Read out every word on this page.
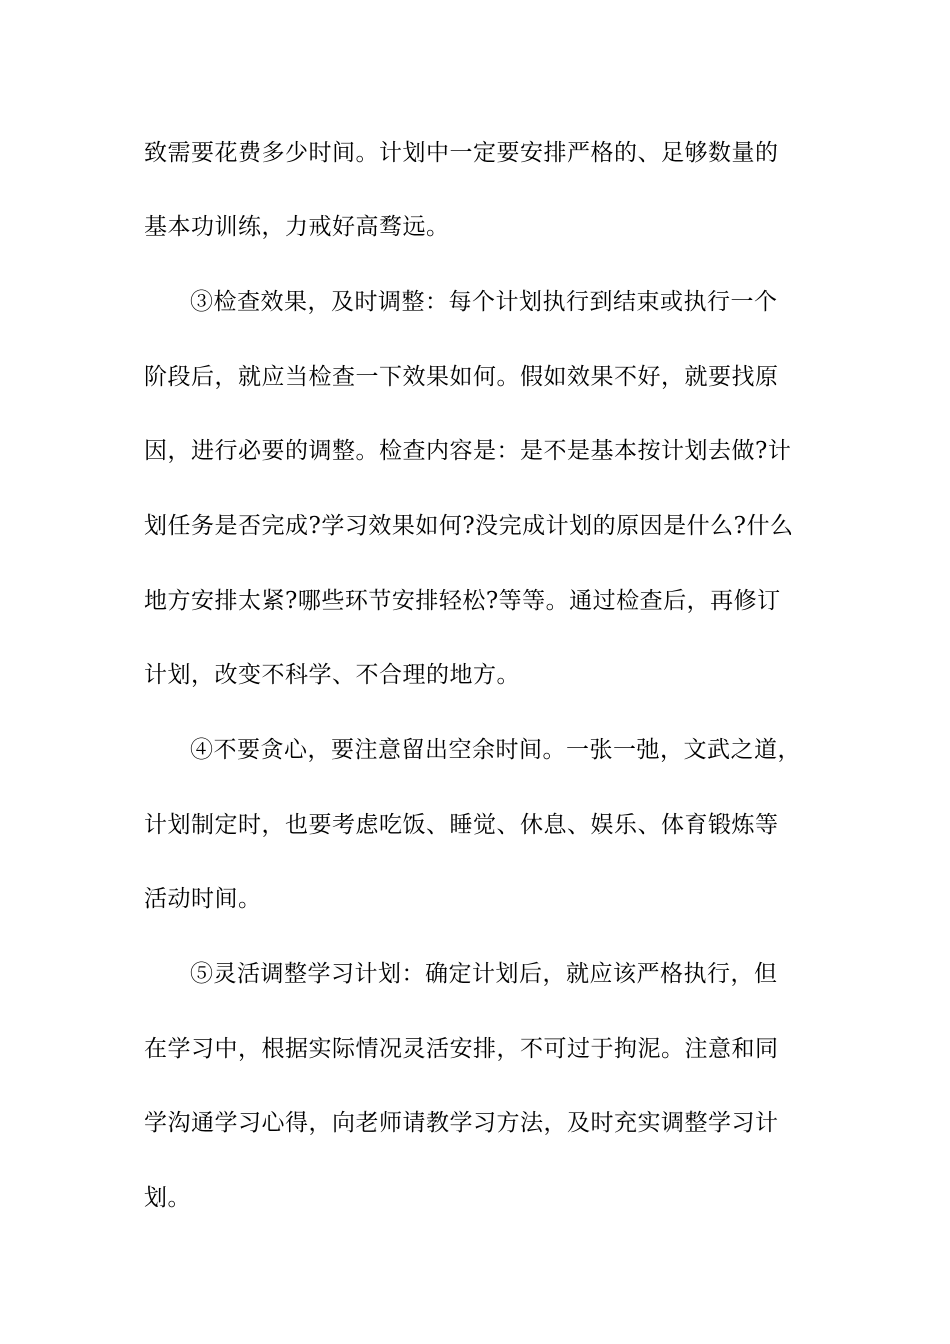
致需要花费多少时间。计划中一定要安排严格的、足够数量的
基本功训练，力戒好高骛远。
③检查效果，及时调整：每个计划执行到结束或执行一个
阶段后，就应当检查一下效果如何。假如效果不好，就要找原
因，进行必要的调整。检查内容是：是不是基本按计划去做?计
划任务是否完成?学习效果如何?没完成计划的原因是什么?什么
地方安排太紧?哪些环节安排轻松?等等。通过检查后，再修订
计划，改变不科学、不合理的地方。
④不要贪心，要注意留出空余时间。一张一弛，文武之道，
计划制定时，也要考虑吃饭、睡觉、休息、娱乐、体育锻炼等
活动时间。
⑤灵活调整学习计划：确定计划后，就应该严格执行，但
在学习中，根据实际情况灵活安排，不可过于拘泥。注意和同
学沟通学习心得，向老师请教学习方法，及时充实调整学习计
划。
